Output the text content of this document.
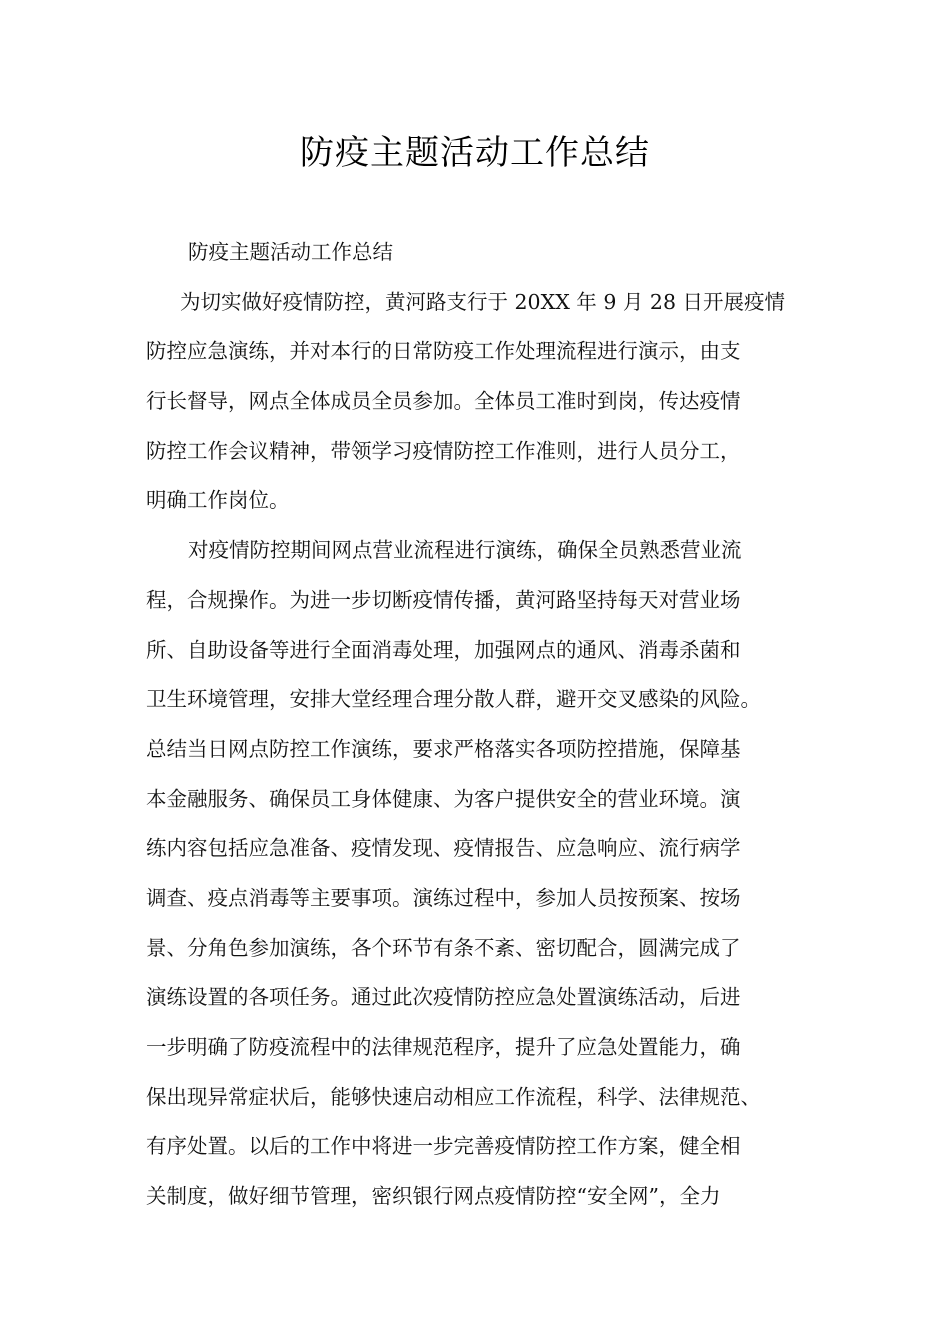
防疫主题活动工作总结
防疫主题活动工作总结
为切实做好疫情防控，黄河路支行于 20XX 年 9 月 28 日开展疫情
防控应急演练，并对本行的日常防疫工作处理流程进行演示，由支
行长督导，网点全体成员全员参加。全体员工准时到岗，传达疫情
防控工作会议精神，带领学习疫情防控工作准则，进行人员分工，
明确工作岗位。
对疫情防控期间网点营业流程进行演练，确保全员熟悉营业流
程，合规操作。为进一步切断疫情传播，黄河路坚持每天对营业场
所、自助设备等进行全面消毒处理，加强网点的通风、消毒杀菌和
卫生环境管理，安排大堂经理合理分散人群，避开交叉感染的风险。
总结当日网点防控工作演练，要求严格落实各项防控措施，保障基
本金融服务、确保员工身体健康、为客户提供安全的营业环境。演
练内容包括应急准备、疫情发现、疫情报告、应急响应、流行病学
调查、疫点消毒等主要事项。演练过程中，参加人员按预案、按场
景、分角色参加演练，各个环节有条不紊、密切配合，圆满完成了
演练设置的各项任务。通过此次疫情防控应急处置演练活动，后进
一步明确了防疫流程中的法律规范程序，提升了应急处置能力，确
保出现异常症状后，能够快速启动相应工作流程，科学、法律规范、
有序处置。以后的工作中将进一步完善疫情防控工作方案，健全相
关制度，做好细节管理，密织银行网点疫情防控“安全网”，全力
